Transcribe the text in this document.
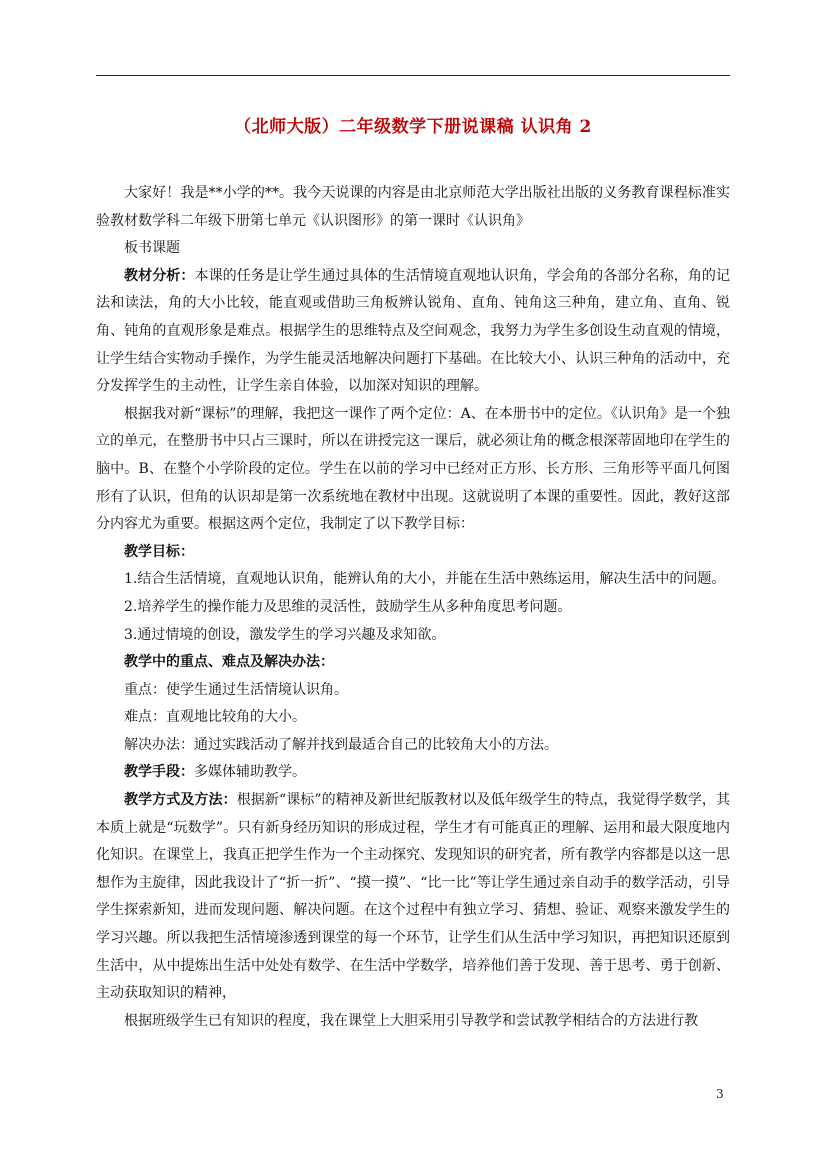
（北师大版）二年级数学下册说课稿 认识角 2

大家好！我是**小学的**。我今天说课的内容是由北京师范大学出版社出版的义务教育课程标准实验教材数学科二年级下册第七单元《认识图形》的第一课时《认识角》

板书课题

教材分析：本课的任务是让学生通过具体的生活情境直观地认识角，学会角的各部分名称，角的记法和读法，角的大小比较，能直观或借助三角板辨认锐角、直角、钝角这三种角，建立角、直角、锐角、钝角的直观形象是难点。根据学生的思维特点及空间观念，我努力为学生多创设生动直观的情境，让学生结合实物动手操作，为学生能灵活地解决问题打下基础。在比较大小、认识三种角的活动中，充分发挥学生的主动性，让学生亲自体验，以加深对知识的理解。

根据我对新“课标”的理解，我把这一课作了两个定位：A、在本册书中的定位。《认识角》是一个独立的单元，在整册书中只占三课时，所以在讲授完这一课后，就必须让角的概念根深蒂固地印在学生的脑中。B、在整个小学阶段的定位。学生在以前的学习中已经对正方形、长方形、三角形等平面几何图形有了认识，但角的认识却是第一次系统地在教材中出现。这就说明了本课的重要性。因此，教好这部分内容尤为重要。根据这两个定位，我制定了以下教学目标：

教学目标：

1.结合生活情境，直观地认识角，能辨认角的大小，并能在生活中熟练运用，解决生活中的问题。

2.培养学生的操作能力及思维的灵活性，鼓励学生从多种角度思考问题。

3.通过情境的创设，激发学生的学习兴趣及求知欲。

教学中的重点、难点及解决办法：

重点：使学生通过生活情境认识角。

难点：直观地比较角的大小。

解决办法：通过实践活动了解并找到最适合自己的比较角大小的方法。

教学手段：多媒体辅助教学。

教学方式及方法：根据新“课标”的精神及新世纪版教材以及低年级学生的特点，我觉得学数学，其本质上就是“玩数学”。只有新身经历知识的形成过程，学生才有可能真正的理解、运用和最大限度地内化知识。在课堂上，我真正把学生作为一个主动探究、发现知识的研究者，所有教学内容都是以这一思想作为主旋律，因此我设计了“折一折”、“摸一摸”、“比一比”等让学生通过亲自动手的数学活动，引导学生探索新知，进而发现问题、解决问题。在这个过程中有独立学习、猜想、验证、观察来激发学生的学习兴趣。所以我把生活情境渗透到课堂的每一个环节，让学生们从生活中学习知识，再把知识还原到生活中，从中提炼出生活中处处有数学、在生活中学数学，培养他们善于发现、善于思考、勇于创新、主动获取知识的精神，

根据班级学生已有知识的程度，我在课堂上大胆采用引导教学和尝试教学相结合的方法进行教

3
